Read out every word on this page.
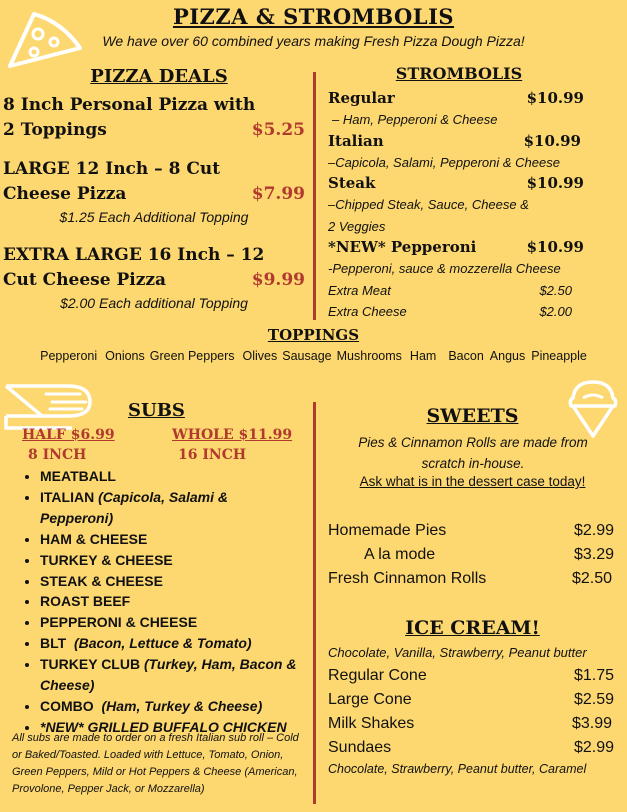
PIZZA & STROMBOLIS
We have over 60 combined years making Fresh Pizza Dough Pizza!
PIZZA DEALS
8 Inch Personal Pizza with
2 Toppings	$5.25
LARGE 12 Inch – 8 Cut
Cheese Pizza	$7.99
$1.25 Each Additional Topping
EXTRA LARGE 16 Inch – 12
Cut Cheese Pizza	$9.99
$2.00 Each additional Topping
STROMBOLIS
Regular	$10.99
– Ham, Pepperoni & Cheese
Italian	$10.99
–Capicola, Salami, Pepperoni & Cheese
Steak	$10.99
–Chipped Steak, Sauce, Cheese &
2 Veggies
*NEW* Pepperoni	$10.99
-Pepperoni, sauce & mozzerella Cheese
Extra Meat	$2.50
Extra Cheese	$2.00
TOPPINGS
Pepperoni Onions Green Peppers Olives Sausage Mushrooms Ham Bacon Angus Pineapple
SUBS
HALF $6.99	WHOLE $11.99
8 INCH	16 INCH
• MEATBALL
• ITALIAN (Capicola, Salami & Pepperoni)
• HAM & CHEESE
• TURKEY & CHEESE
• STEAK & CHEESE
• ROAST BEEF
• PEPPERONI & CHEESE
• BLT (Bacon, Lettuce & Tomato)
• TURKEY CLUB (Turkey, Ham, Bacon & Cheese)
• COMBO (Ham, Turkey & Cheese)
• *NEW* GRILLED BUFFALO CHICKEN
All subs are made to order on a fresh Italian sub roll – Cold or Baked/Toasted. Loaded with Lettuce, Tomato, Onion, Green Peppers, Mild or Hot Peppers & Cheese (American, Provolone, Pepper Jack, or Mozzarella)
SWEETS
Pies & Cinnamon Rolls are made from scratch in-house.
Ask what is in the dessert case today!
Homemade Pies	$2.99
A la mode	$3.29
Fresh Cinnamon Rolls	$2.50
ICE CREAM!
Chocolate, Vanilla, Strawberry, Peanut butter
Regular Cone	$1.75
Large Cone	$2.59
Milk Shakes	$3.99
Sundaes	$2.99
Chocolate, Strawberry, Peanut butter, Caramel
